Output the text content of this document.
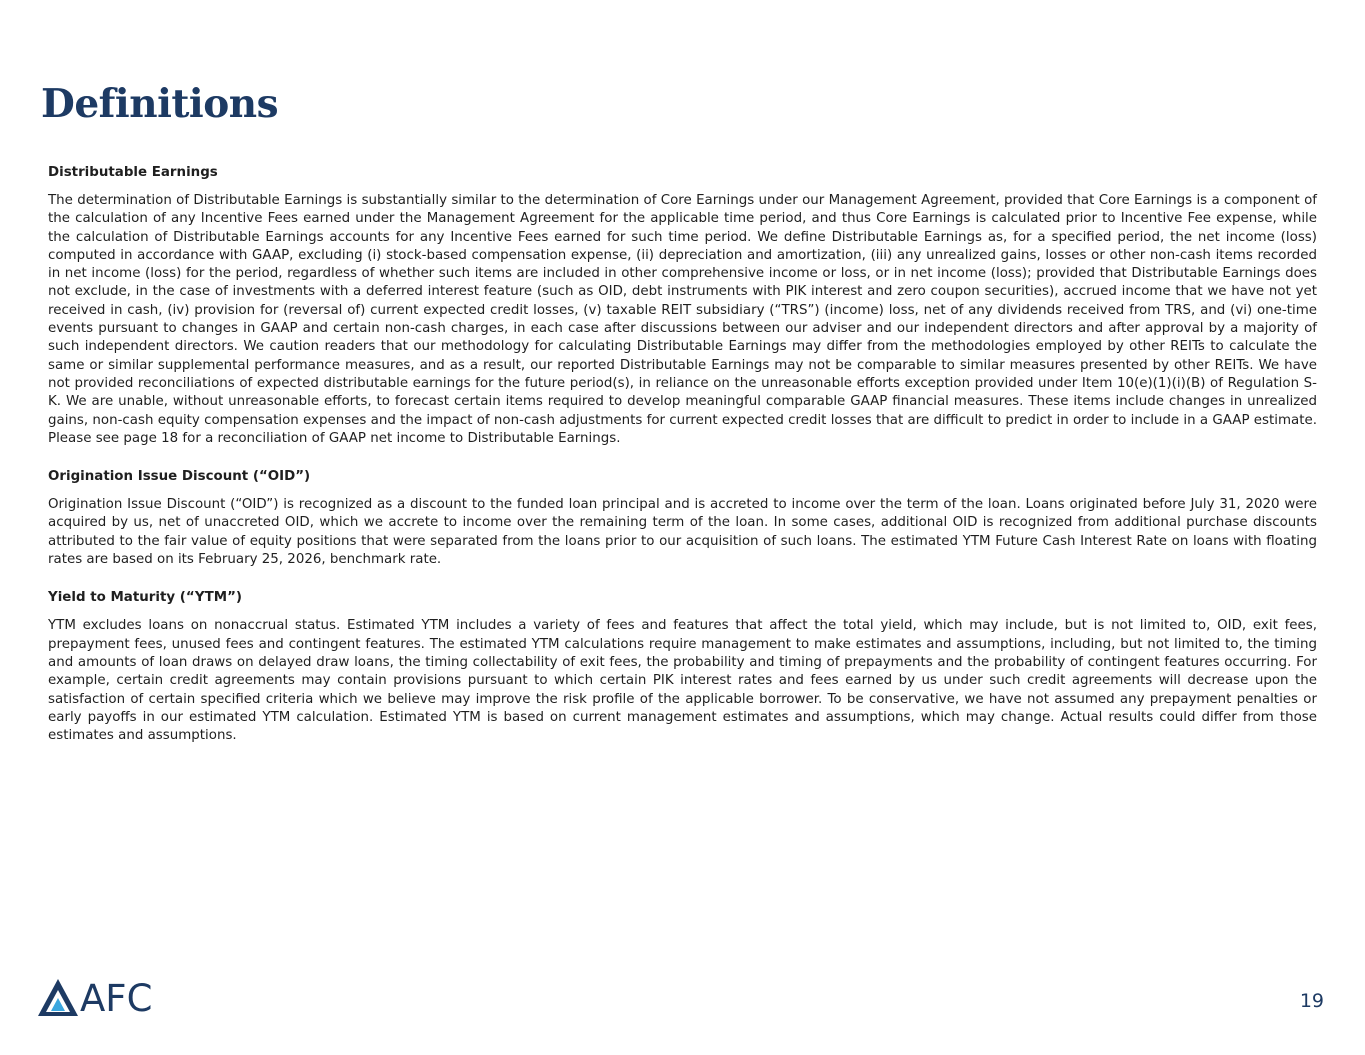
Definitions
Distributable Earnings

The determination of Distributable Earnings is substantially similar to the determination of Core Earnings under our Management Agreement, provided that Core Earnings is a component of the calculation of any Incentive Fees earned under the Management Agreement for the applicable time period, and thus Core Earnings is calculated prior to Incentive Fee expense, while the calculation of Distributable Earnings accounts for any Incentive Fees earned for such time period. We define Distributable Earnings as, for a specified period, the net income (loss) computed in accordance with GAAP, excluding (i) stock-based compensation expense, (ii) depreciation and amortization, (iii) any unrealized gains, losses or other non-cash items recorded in net income (loss) for the period, regardless of whether such items are included in other comprehensive income or loss, or in net income (loss); provided that Distributable Earnings does not exclude, in the case of investments with a deferred interest feature (such as OID, debt instruments with PIK interest and zero coupon securities), accrued income that we have not yet received in cash, (iv) provision for (reversal of) current expected credit losses, (v) taxable REIT subsidiary (“TRS”) (income) loss, net of any dividends received from TRS, and (vi) one-time events pursuant to changes in GAAP and certain non-cash charges, in each case after discussions between our adviser and our independent directors and after approval by a majority of such independent directors. We caution readers that our methodology for calculating Distributable Earnings may differ from the methodologies employed by other REITs to calculate the same or similar supplemental performance measures, and as a result, our reported Distributable Earnings may not be comparable to similar measures presented by other REITs. We have not provided reconciliations of expected distributable earnings for the future period(s), in reliance on the unreasonable efforts exception provided under Item 10(e)(1)(i)(B) of Regulation S-K. We are unable, without unreasonable efforts, to forecast certain items required to develop meaningful comparable GAAP financial measures. These items include changes in unrealized gains, non-cash equity compensation expenses and the impact of non-cash adjustments for current expected credit losses that are difficult to predict in order to include in a GAAP estimate. Please see page 18 for a reconciliation of GAAP net income to Distributable Earnings.

Origination Issue Discount (“OID”)

Origination Issue Discount (“OID”) is recognized as a discount to the funded loan principal and is accreted to income over the term of the loan. Loans originated before July 31, 2020 were acquired by us, net of unaccreted OID, which we accrete to income over the remaining term of the loan. In some cases, additional OID is recognized from additional purchase discounts attributed to the fair value of equity positions that were separated from the loans prior to our acquisition of such loans. The estimated YTM Future Cash Interest Rate on loans with floating rates are based on its February 25, 2026, benchmark rate.

Yield to Maturity (“YTM”)

YTM excludes loans on nonaccrual status. Estimated YTM includes a variety of fees and features that affect the total yield, which may include, but is not limited to, OID, exit fees, prepayment fees, unused fees and contingent features. The estimated YTM calculations require management to make estimates and assumptions, including, but not limited to, the timing and amounts of loan draws on delayed draw loans, the timing collectability of exit fees, the probability and timing of prepayments and the probability of contingent features occurring. For example, certain credit agreements may contain provisions pursuant to which certain PIK interest rates and fees earned by us under such credit agreements will decrease upon the satisfaction of certain specified criteria which we believe may improve the risk profile of the applicable borrower. To be conservative, we have not assumed any prepayment penalties or early payoffs in our estimated YTM calculation. Estimated YTM is based on current management estimates and assumptions, which may change. Actual results could differ from those estimates and assumptions.

AFC	19
